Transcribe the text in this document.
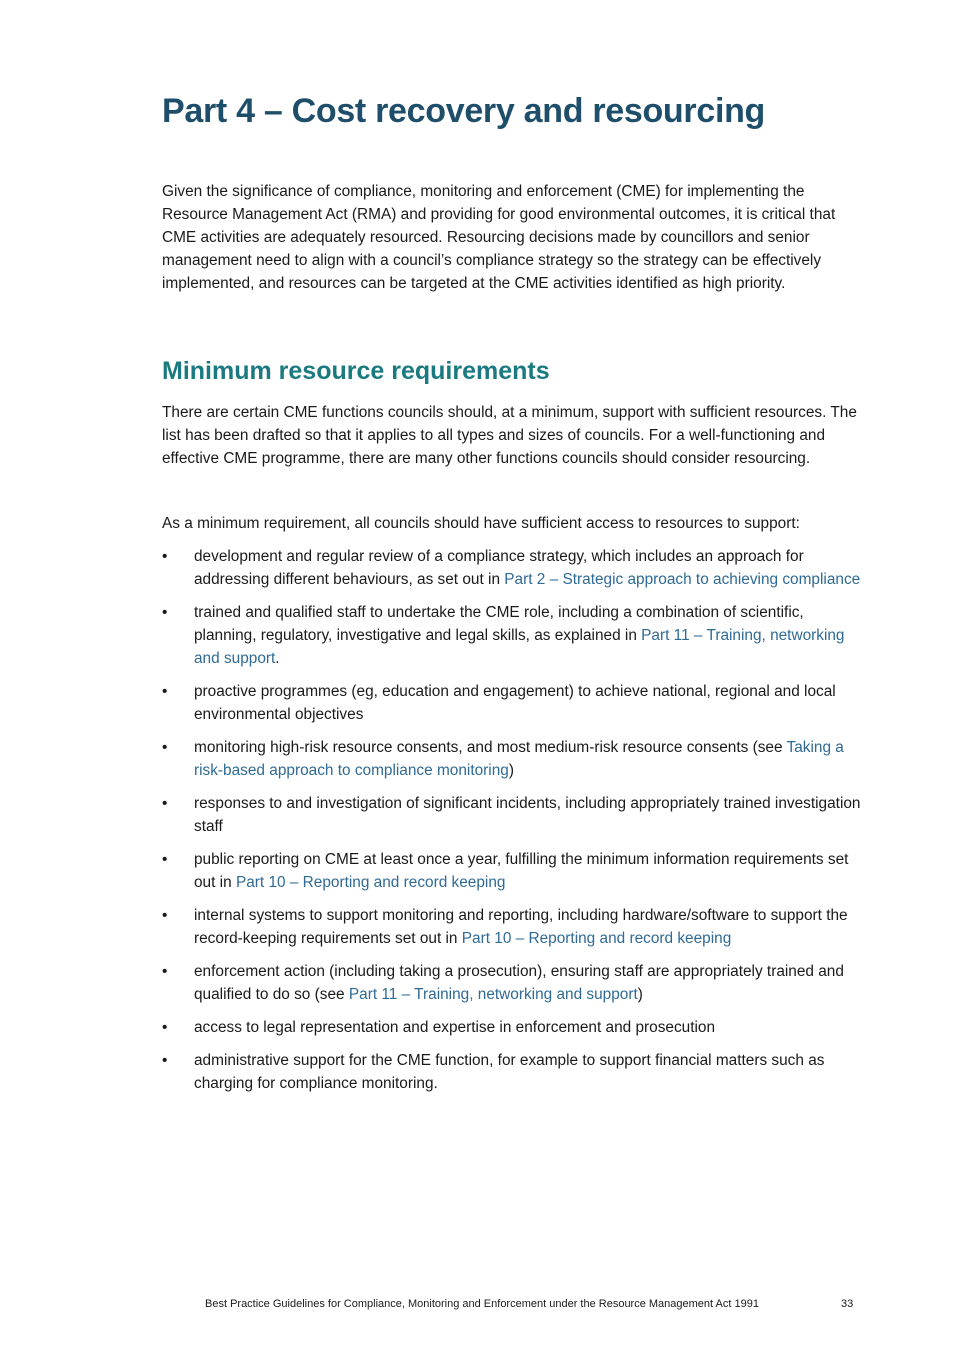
Part 4 – Cost recovery and resourcing

Given the significance of compliance, monitoring and enforcement (CME) for implementing the Resource Management Act (RMA) and providing for good environmental outcomes, it is critical that CME activities are adequately resourced. Resourcing decisions made by councillors and senior management need to align with a council’s compliance strategy so the strategy can be effectively implemented, and resources can be targeted at the CME activities identified as high priority.

Minimum resource requirements

There are certain CME functions councils should, at a minimum, support with sufficient resources. The list has been drafted so that it applies to all types and sizes of councils. For a well-functioning and effective CME programme, there are many other functions councils should consider resourcing.

As a minimum requirement, all councils should have sufficient access to resources to support:

• development and regular review of a compliance strategy, which includes an approach for addressing different behaviours, as set out in Part 2 – Strategic approach to achieving compliance
• trained and qualified staff to undertake the CME role, including a combination of scientific, planning, regulatory, investigative and legal skills, as explained in Part 11 – Training, networking and support.
• proactive programmes (eg, education and engagement) to achieve national, regional and local environmental objectives
• monitoring high-risk resource consents, and most medium-risk resource consents (see Taking a risk-based approach to compliance monitoring)
• responses to and investigation of significant incidents, including appropriately trained investigation staff
• public reporting on CME at least once a year, fulfilling the minimum information requirements set out in Part 10 – Reporting and record keeping
• internal systems to support monitoring and reporting, including hardware/software to support the record-keeping requirements set out in Part 10 – Reporting and record keeping
• enforcement action (including taking a prosecution), ensuring staff are appropriately trained and qualified to do so (see Part 11 – Training, networking and support)
• access to legal representation and expertise in enforcement and prosecution
• administrative support for the CME function, for example to support financial matters such as charging for compliance monitoring.
Best Practice Guidelines for Compliance, Monitoring and Enforcement under the Resource Management Act 1991	33
